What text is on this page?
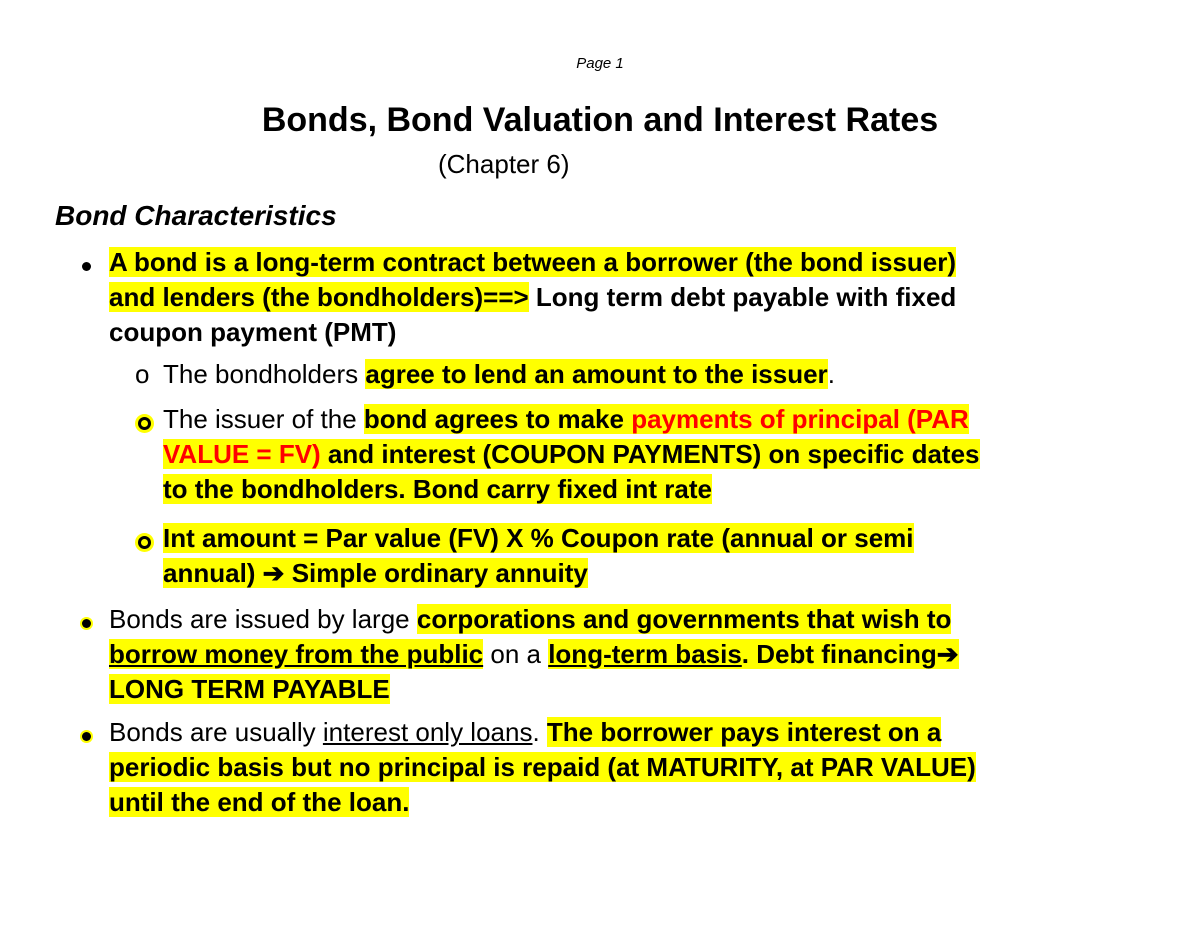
Page 1
Bonds, Bond Valuation and Interest Rates
(Chapter 6)
Bond Characteristics
A bond is a long-term contract between a borrower (the bond issuer)
and lenders (the bondholders)==> Long term debt payable with fixed
coupon payment (PMT)
o The bondholders agree to lend an amount to the issuer.
The issuer of the bond agrees to make payments of principal (PAR
VALUE = FV) and interest (COUPON PAYMENTS) on specific dates
to the bondholders. Bond carry fixed int rate
Int amount = Par value (FV) X % Coupon rate (annual or semi
annual) ➔ Simple ordinary annuity
Bonds are issued by large corporations and governments that wish to
borrow money from the public on a long-term basis. Debt financing➔
LONG TERM PAYABLE
Bonds are usually interest only loans. The borrower pays interest on a
periodic basis but no principal is repaid (at MATURITY, at PAR VALUE)
until the end of the loan.
